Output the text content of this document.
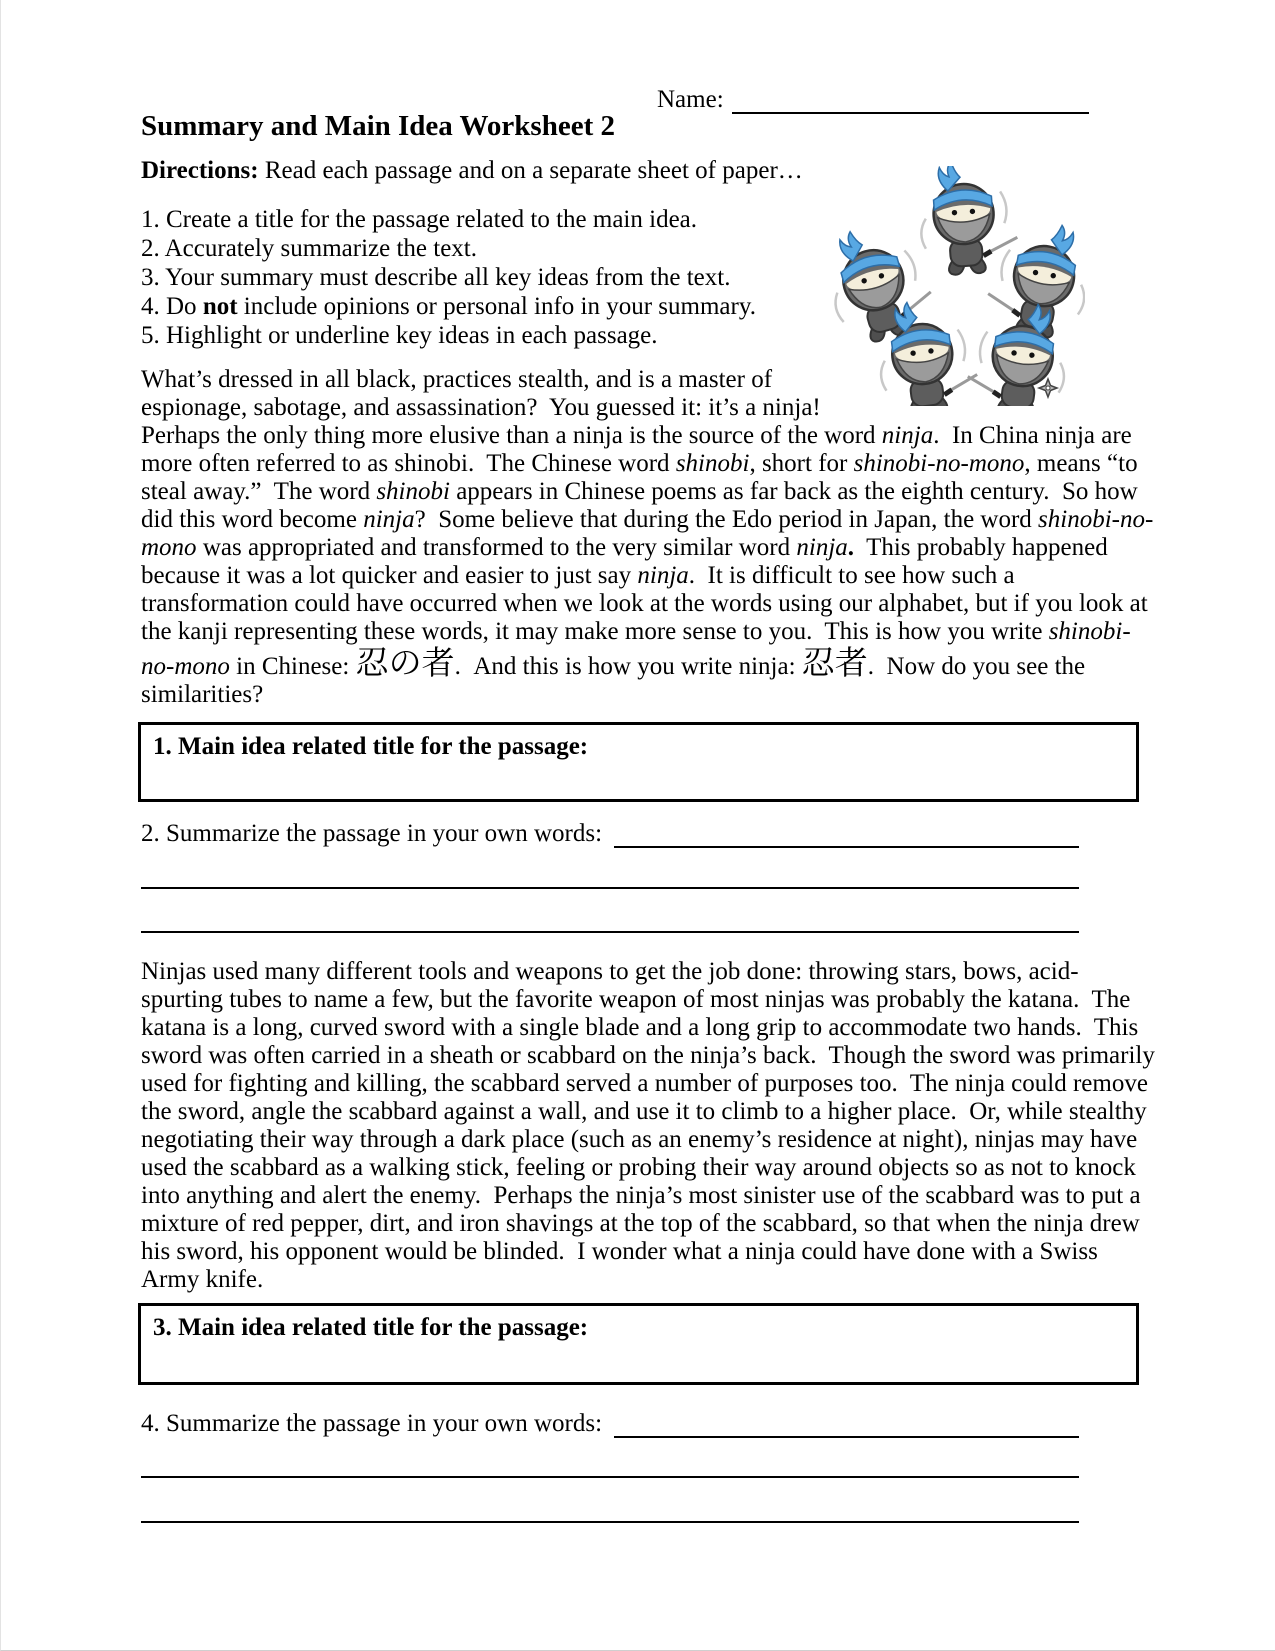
Name:
Summary and Main Idea Worksheet 2
Directions: Read each passage and on a separate sheet of paper…
1. Create a title for the passage related to the main idea.
2. Accurately summarize the text.
3. Your summary must describe all key ideas from the text.
4. Do not include opinions or personal info in your summary.
5. Highlight or underline key ideas in each passage.
What’s dressed in all black, practices stealth, and is a master of
espionage, sabotage, and assassination?  You guessed it: it’s a ninja!
Perhaps the only thing more elusive than a ninja is the source of the word ninja.  In China ninja are
more often referred to as shinobi.  The Chinese word shinobi, short for shinobi-no-mono, means “to
steal away.”  The word shinobi appears in Chinese poems as far back as the eighth century.  So how
did this word become ninja?  Some believe that during the Edo period in Japan, the word shinobi-no-
mono was appropriated and transformed to the very similar word ninja.  This probably happened
because it was a lot quicker and easier to just say ninja.  It is difficult to see how such a
transformation could have occurred when we look at the words using our alphabet, but if you look at
the kanji representing these words, it may make more sense to you.  This is how you write shinobi-
no-mono in Chinese: 忍の者.  And this is how you write ninja: 忍者.  Now do you see the
similarities?
1. Main idea related title for the passage:
2. Summarize the passage in your own words:
Ninjas used many different tools and weapons to get the job done: throwing stars, bows, acid-
spurting tubes to name a few, but the favorite weapon of most ninjas was probably the katana.  The
katana is a long, curved sword with a single blade and a long grip to accommodate two hands.  This
sword was often carried in a sheath or scabbard on the ninja’s back.  Though the sword was primarily
used for fighting and killing, the scabbard served a number of purposes too.  The ninja could remove
the sword, angle the scabbard against a wall, and use it to climb to a higher place.  Or, while stealthy
negotiating their way through a dark place (such as an enemy’s residence at night), ninjas may have
used the scabbard as a walking stick, feeling or probing their way around objects so as not to knock
into anything and alert the enemy.  Perhaps the ninja’s most sinister use of the scabbard was to put a
mixture of red pepper, dirt, and iron shavings at the top of the scabbard, so that when the ninja drew
his sword, his opponent would be blinded.  I wonder what a ninja could have done with a Swiss
Army knife.
3. Main idea related title for the passage:
4. Summarize the passage in your own words:
